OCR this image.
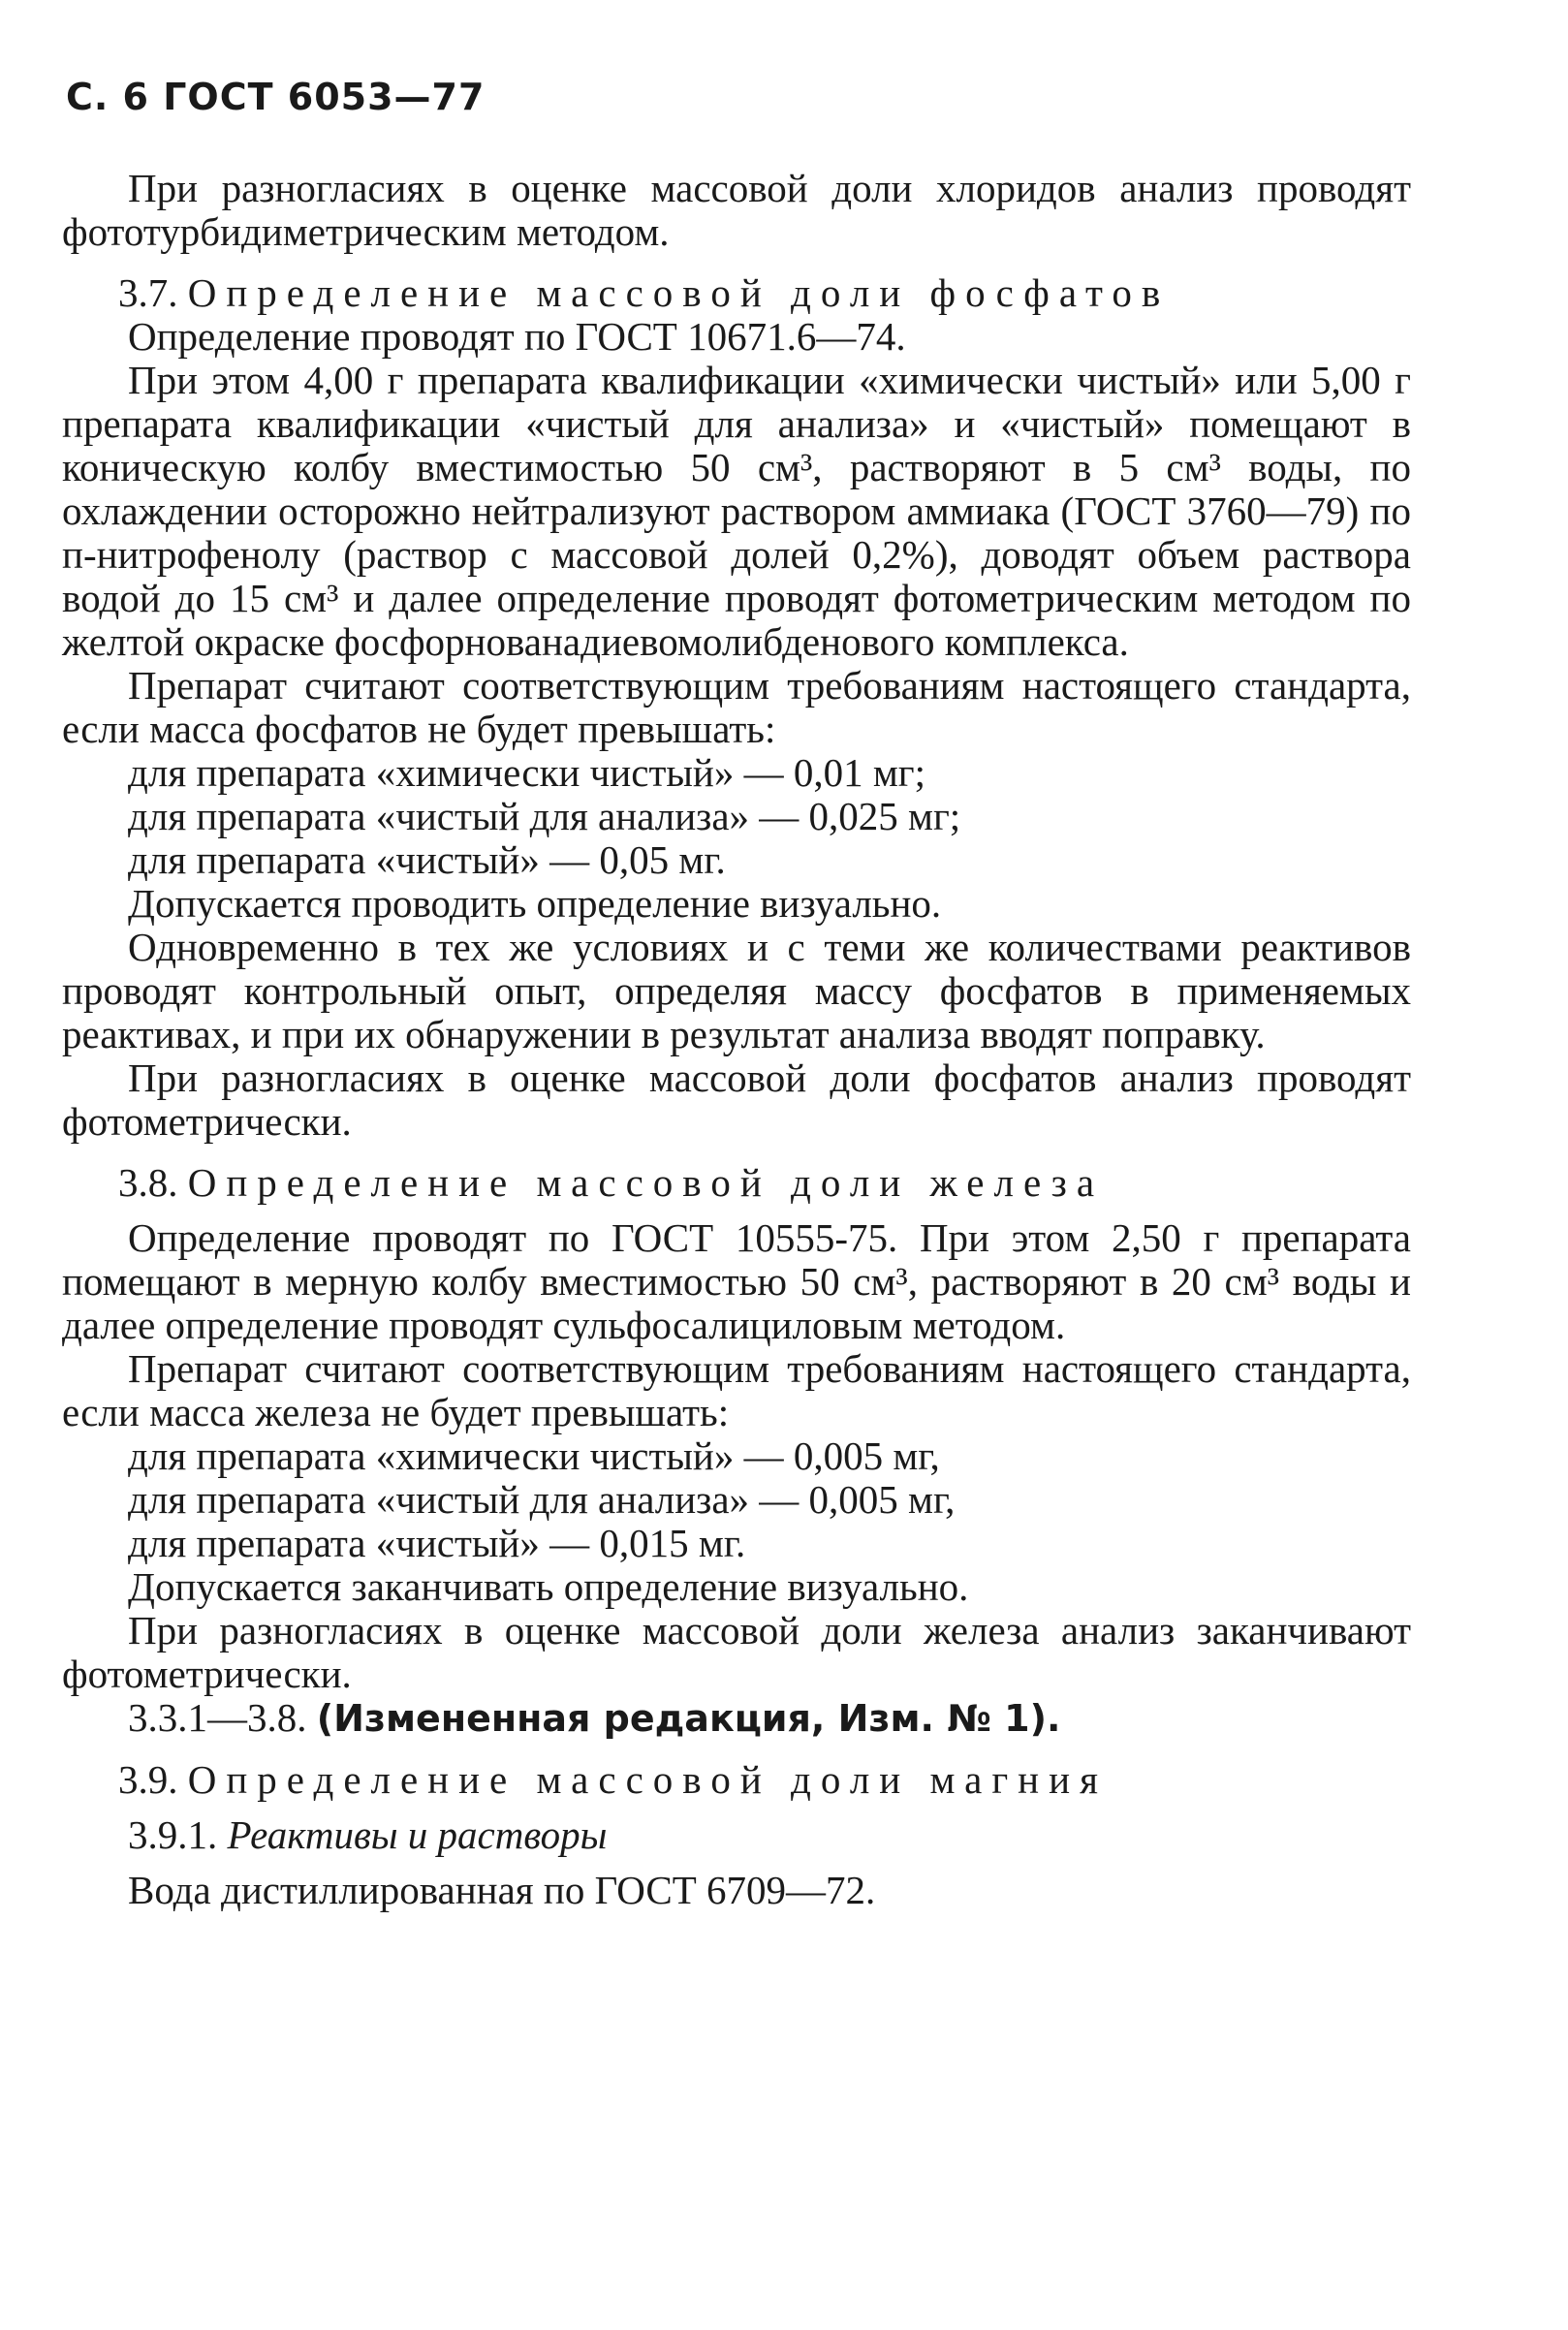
С. 6 ГОСТ 6053—77

При разногласиях в оценке массовой доли хлоридов анализ проводят фототурбидиметрическим методом.

3.7. Определение массовой доли фосфатов

Определение проводят по ГОСТ 10671.6—74.

При этом 4,00 г препарата квалификации «химически чистый» или 5,00 г препарата квалификации «чистый для анализа» и «чистый» помещают в коническую колбу вместимостью 50 см³, растворяют в 5 см³ воды, по охлаждении осторожно нейтрализуют раствором аммиака (ГОСТ 3760—79) по п-нитрофенолу (раствор с массовой долей 0,2%), доводят объем раствора водой до 15 см³ и далее определение проводят фотометрическим методом по желтой окраске фосфорнованадиевомолибденового комплекса.

Препарат считают соответствующим требованиям настоящего стандарта, если масса фосфатов не будет превышать:

для препарата «химически чистый» — 0,01 мг;

для препарата «чистый для анализа» — 0,025 мг;

для препарата «чистый» — 0,05 мг.

Допускается проводить определение визуально.

Одновременно в тех же условиях и с теми же количествами реактивов проводят контрольный опыт, определяя массу фосфатов в применяемых реактивах, и при их обнаружении в результат анализа вводят поправку.

При разногласиях в оценке массовой доли фосфатов анализ проводят фотометрически.

3.8. Определение массовой доли железа

Определение проводят по ГОСТ 10555-75. При этом 2,50 г препарата помещают в мерную колбу вместимостью 50 см³, растворяют в 20 см³ воды и далее определение проводят сульфосалициловым методом.

Препарат считают соответствующим требованиям настоящего стандарта, если масса железа не будет превышать:

для препарата «химически чистый» — 0,005 мг,

для препарата «чистый для анализа» — 0,005 мг,

для препарата «чистый» — 0,015 мг.

Допускается заканчивать определение визуально.

При разногласиях в оценке массовой доли железа анализ заканчивают фотометрически.

3.3.1—3.8. (Измененная редакция, Изм. № 1).

3.9. Определение массовой доли магния

3.9.1. Реактивы и растворы

Вода дистиллированная по ГОСТ 6709—72.
